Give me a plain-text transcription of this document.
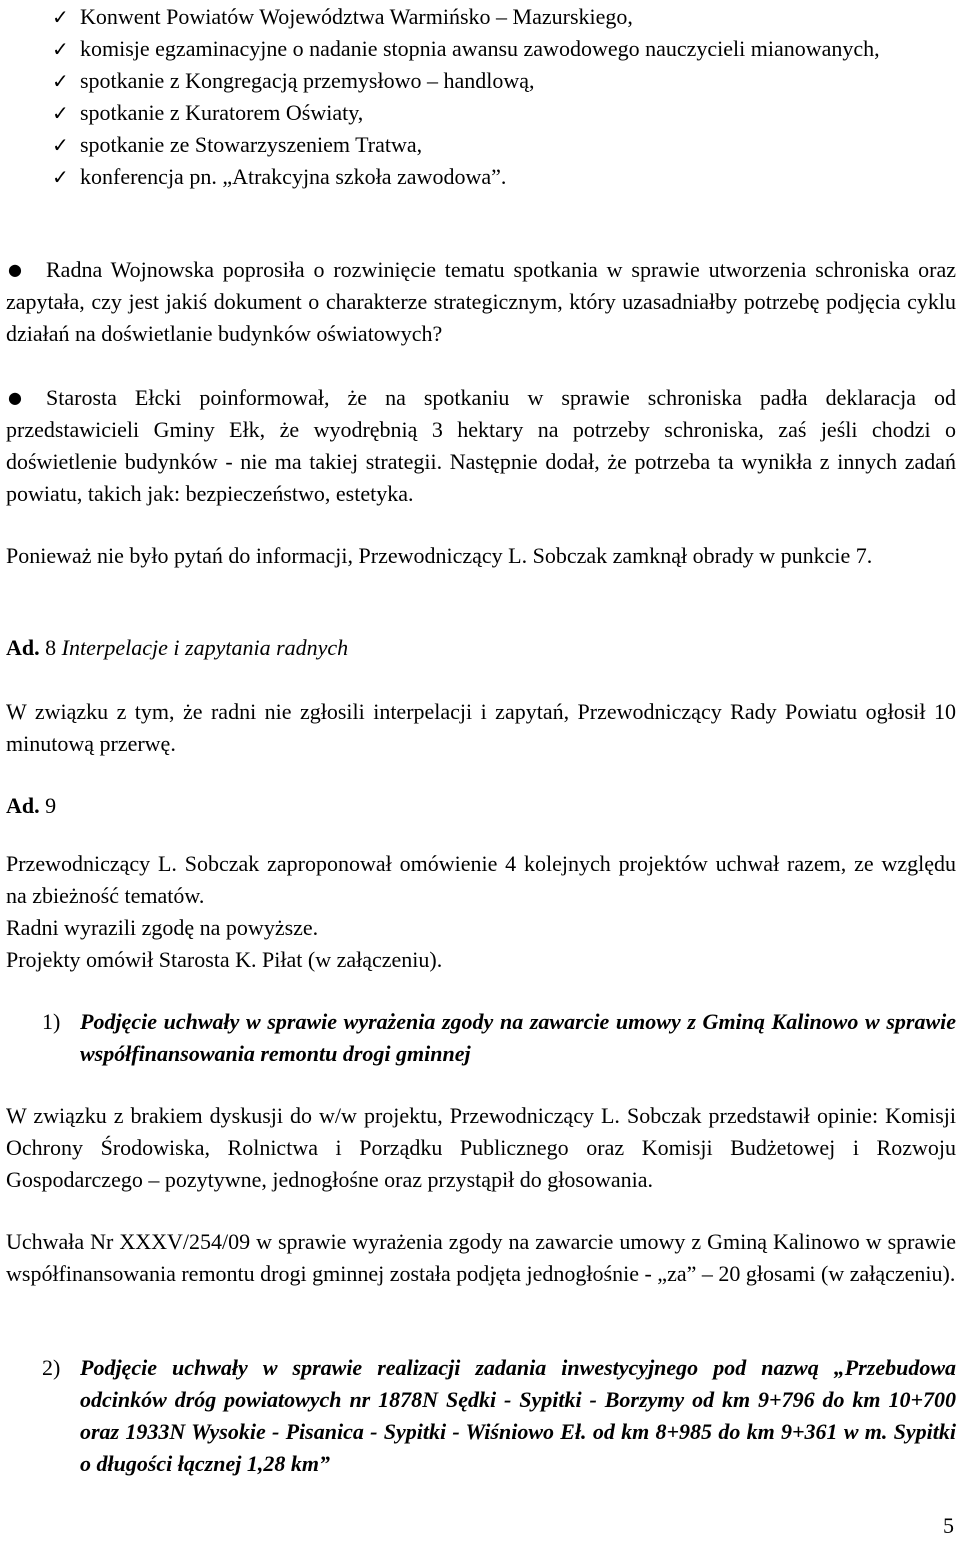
✓ Konwent Powiatów Województwa Warmińsko – Mazurskiego,
✓ komisje egzaminacyjne o nadanie stopnia awansu zawodowego nauczycieli mianowanych,
✓ spotkanie z Kongregacją przemysłowo – handlową,
✓ spotkanie z Kuratorem Oświaty,
✓ spotkanie ze Stowarzyszeniem Tratwa,
✓ konferencja pn. „Atrakcyjna szkoła zawodowa”.
● Radna Wojnowska poprosiła o rozwinięcie tematu spotkania w sprawie utworzenia schroniska oraz zapytała, czy jest jakiś dokument o charakterze strategicznym, który uzasadniałby potrzebę podjęcia cyklu działań na doświetlanie budynków oświatowych?
● Starosta Ełcki poinformował, że na spotkaniu w sprawie schroniska padła deklaracja od przedstawicieli Gminy Ełk, że wyodrębnią 3 hektary na potrzeby schroniska, zaś jeśli chodzi o doświetlenie budynków - nie ma takiej strategii. Następnie dodał, że potrzeba ta wynikła z innych zadań powiatu, takich jak: bezpieczeństwo, estetyka.
Ponieważ nie było pytań do informacji, Przewodniczący L. Sobczak zamknął obrady w punkcie 7.
Ad. 8 Interpelacje i zapytania radnych
W związku z tym, że radni nie zgłosili interpelacji i zapytań, Przewodniczący Rady Powiatu ogłosił 10 minutową przerwę.
Ad. 9
Przewodniczący L. Sobczak zaproponował omówienie 4 kolejnych projektów uchwał razem, ze względu na zbieżność tematów.
Radni wyrazili zgodę na powyższe.
Projekty omówił Starosta K. Piłat (w załączeniu).
1) Podjęcie uchwały w sprawie wyrażenia zgody na zawarcie umowy z Gminą Kalinowo w sprawie współfinansowania remontu drogi gminnej
W związku z brakiem dyskusji do w/w projektu, Przewodniczący L. Sobczak przedstawił opinie: Komisji Ochrony Środowiska, Rolnictwa i Porządku Publicznego oraz Komisji Budżetowej i Rozwoju Gospodarczego – pozytywne, jednogłośne oraz przystąpił do głosowania.
Uchwała Nr XXXV/254/09 w sprawie wyrażenia zgody na zawarcie umowy z Gminą Kalinowo w sprawie współfinansowania remontu drogi gminnej została podjęta jednogłośnie - „za” – 20 głosami (w załączeniu).
2) Podjęcie uchwały w sprawie realizacji zadania inwestycyjnego pod nazwą „Przebudowa odcinków dróg powiatowych nr 1878N Sędki - Sypitki - Borzymy od km 9+796 do km 10+700 oraz 1933N Wysokie - Pisanica - Sypitki - Wiśniowo Eł. od km 8+985 do km 9+361 w m. Sypitki o długości łącznej 1,28 km”
5
